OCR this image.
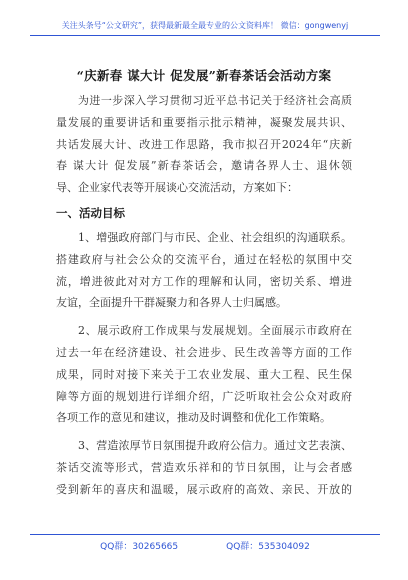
关注头条号“公文研究”，获得最新最全最专业的公文资料库！ 微信：gongwenyj
“庆新春 谋大计 促发展”新春茶话会活动方案
为进一步深入学习贯彻习近平总书记关于经济社会高质
量发展的重要讲话和重要指示批示精神，凝聚发展共识、
共话发展大计、改进工作思路，我市拟召开2024年“庆新
春 谋大计 促发展”新春茶话会，邀请各界人士、退休领
导、企业家代表等开展谈心交流活动，方案如下：
一、活动目标
1、增强政府部门与市民、企业、社会组织的沟通联系。
搭建政府与社会公众的交流平台，通过在轻松的氛围中交
流，增进彼此对对方工作的理解和认同，密切关系、增进
友谊，全面提升干群凝聚力和各界人士归属感。
2、展示政府工作成果与发展规划。全面展示市政府在
过去一年在经济建设、社会进步、民生改善等方面的工作
成果，同时对接下来关于工农业发展、重大工程、民生保
障等方面的规划进行详细介绍，广泛听取社会公众对政府
各项工作的意见和建议，推动及时调整和优化工作策略。
3、营造浓厚节日氛围提升政府公信力。通过文艺表演、
茶话交流等形式，营造欢乐祥和的节日氛围，让与会者感
受到新年的喜庆和温暖，展示政府的高效、亲民、开放的
QQ群：30265665	QQ群：535304092
